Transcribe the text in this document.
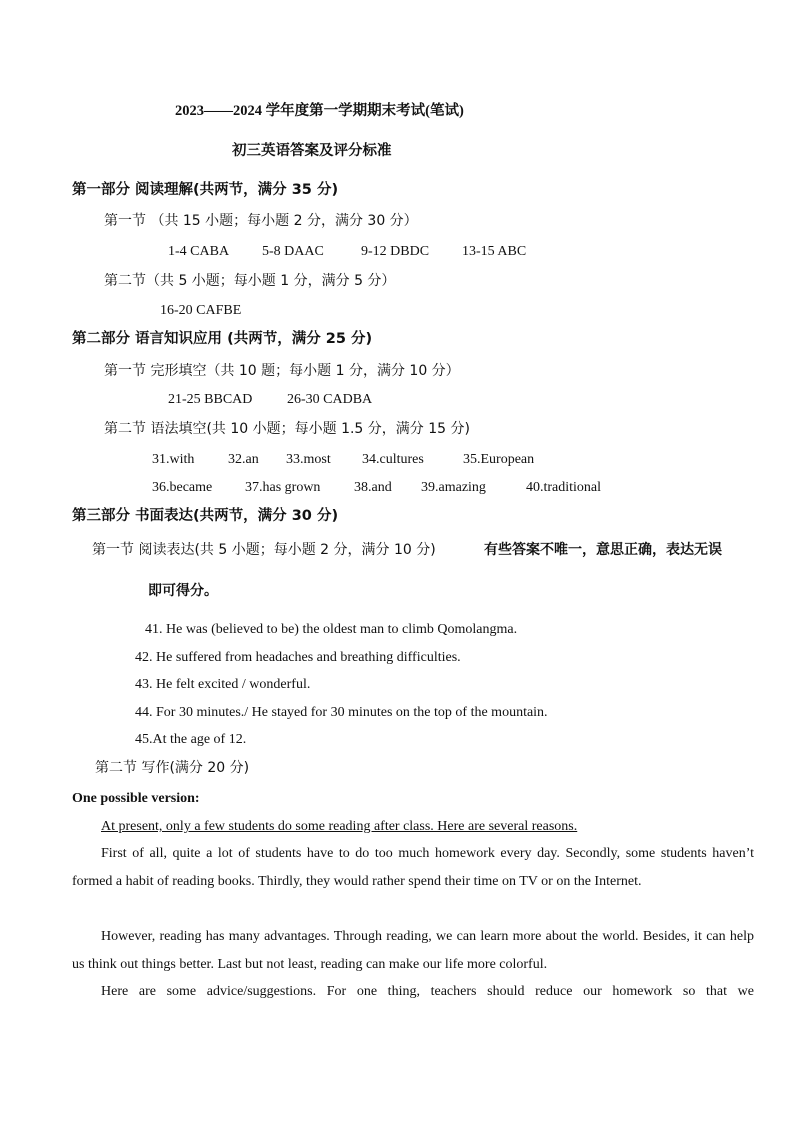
2023——2024 学年度第一学期期末考试(笔试)
初三英语答案及评分标准
第一部分 阅读理解(共两节，满分 35 分)
第一节 （共 15 小题；每小题 2 分，满分 30 分）
1-4 CABA 5-8 DAAC	9-12 DBDC 13-15 ABC
第二节（共 5 小题；每小题 1 分，满分 5 分）
16-20 CAFBE
第二部分 语言知识应用 (共两节，满分 25 分)
第一节 完形填空（共 10 题；每小题 1 分，满分 10 分）
21-25 BBCAD 26-30 CADBA
第二节 语法填空(共 10 小题；每小题 1.5 分，满分 15 分)
31.with 32.an 33.most 34.cultures	35.European
36.became 37.has grown 38.and 39.amazing	40.traditional
第三部分 书面表达(共两节，满分 30 分)
第一节 阅读表达(共 5 小题；每小题 2 分，满分 10 分)	有些答案不唯一，意思正确，表达无误
即可得分。
41. He was (believed to be) the oldest man to climb Qomolangma.
42. He suffered from headaches and breathing difficulties.
43. He felt excited / wonderful.
44. For 30 minutes./ He stayed for 30 minutes on the top of the mountain.
45.At the age of 12.
第二节 写作(满分 20 分)
One possible version:
At present, only a few students do some reading after class. Here are several reasons.
First of all, quite a lot of students have to do too much homework every day. Secondly, some students haven’t formed a habit of reading books. Thirdly, they would rather spend their time on TV or on the Internet.
However, reading has many advantages. Through reading, we can learn more about the world. Besides, it can help us think out things better. Last but not least, reading can make our life more colorful.
Here are some advice/suggestions. For one thing, teachers should reduce our homework so that we
